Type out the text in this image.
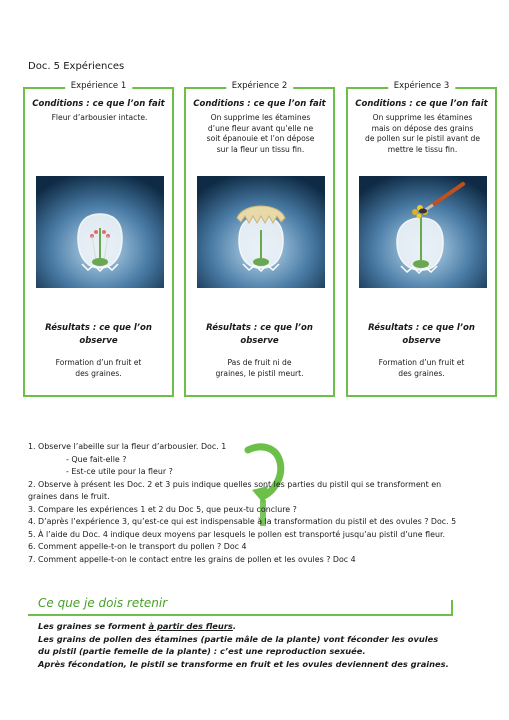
Doc. 5 Expériences
Expérience 1
Conditions : ce que l’on fait
Fleur d’arbousier intacte.
Résultats : ce que l’on
observe
Formation d’un fruit et
des graines.
Expérience 2
Conditions : ce que l’on fait
On supprime les étamines
d’une fleur avant qu’elle ne
soit épanouie et l’on dépose
sur la fleur un tissu fin.
Résultats : ce que l’on
observe
Pas de fruit ni de
graines, le pistil meurt.
Expérience 3
Conditions : ce que l’on fait
On supprime les étamines
mais on dépose des grains
de pollen sur le pistil avant de
mettre le tissu fin.
Résultats : ce que l’on
observe
Formation d’un fruit et
des graines.
1. Observe l’abeille sur la fleur d’arbousier. Doc. 1
- Que fait-elle ?
- Est-ce utile pour la fleur ?
2. Observe à présent les Doc. 2 et 3 puis indique quelles sont les parties du pistil qui se transforment en
graines dans le fruit.
3. Compare les expériences 1 et 2 du Doc 5, que peux-tu conclure ?
4. D’après l’expérience 3, qu’est-ce qui est indispensable à la transformation du pistil et des ovules ? Doc. 5
5. À l’aide du Doc. 4 indique deux moyens par lesquels le pollen est transporté jusqu’au pistil d’une fleur.
6. Comment appelle-t-on le transport du pollen ? Doc 4
7. Comment appelle-t-on le contact entre les grains de pollen et les ovules ? Doc 4
Ce que je dois retenir

Les graines se forment à partir des fleurs.

Les grains de pollen des étamines (partie mâle de la plante) vont féconder les ovules

du pistil (partie femelle de la plante) : c’est une reproduction sexuée.

Après fécondation, le pistil se transforme en fruit et les ovules deviennent des graines.
